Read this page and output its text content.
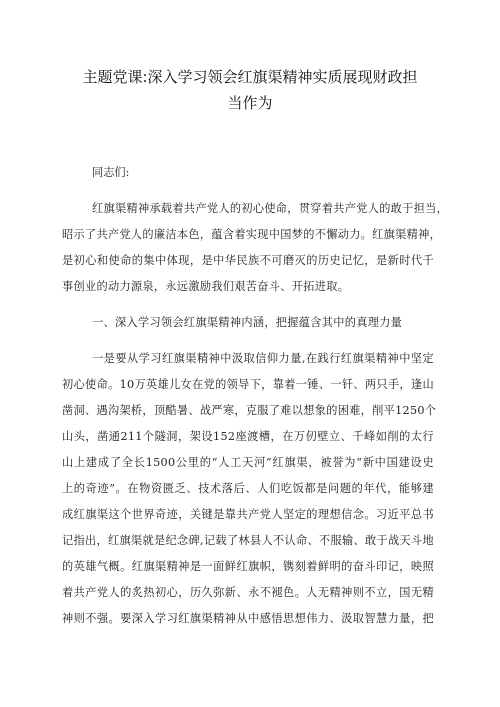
主题党课:深入学习领会红旗渠精神实质展现财政担
当作为
同志们:
红旗渠精神承载着共产党人的初心使命，贯穿着共产党人的敢于担当，
昭示了共产党人的廉洁本色，蕴含着实现中国梦的不懈动力。红旗渠精神，
是初心和使命的集中体现，是中华民族不可磨灭的历史记忆，是新时代千
事创业的动力源泉，永远激励我们艰苦奋斗、开拓进取。
一、深入学习领会红旗渠精神内涵，把握蕴含其中的真理力量
一是要从学习红旗渠精神中汲取信仰力量,在践行红旗渠精神中坚定
初心使命。10万英雄儿女在党的领导下，靠着一锤、一钎、两只手，逢山
凿洞、遇沟架桥，顶酷暑、战严寒，克服了难以想象的困难，削平1250个
山头，凿通211个隧洞，架设152座渡槽，在万仞壁立、千峰如削的太行
山上建成了全长1500公里的“人工天河”红旗渠，被誉为“新中国建设史
上的奇迹”。在物资匮乏、技术落后、人们吃饭都是问题的年代，能够建
成红旗渠这个世界奇迹，关键是靠共产党人坚定的理想信念。习近平总书
记指出，红旗渠就是纪念碑,记载了林县人不认命、不服输、敢于战天斗地
的英雄气概。红旗渠精神是一面鲜红旗帜，镌刻着鲜明的奋斗印记，映照
着共产党人的炙热初心，历久弥新、永不褪色。人无精神则不立，国无精
神则不强。要深入学习红旗渠精神从中感悟思想伟力、汲取智慧力量，把
